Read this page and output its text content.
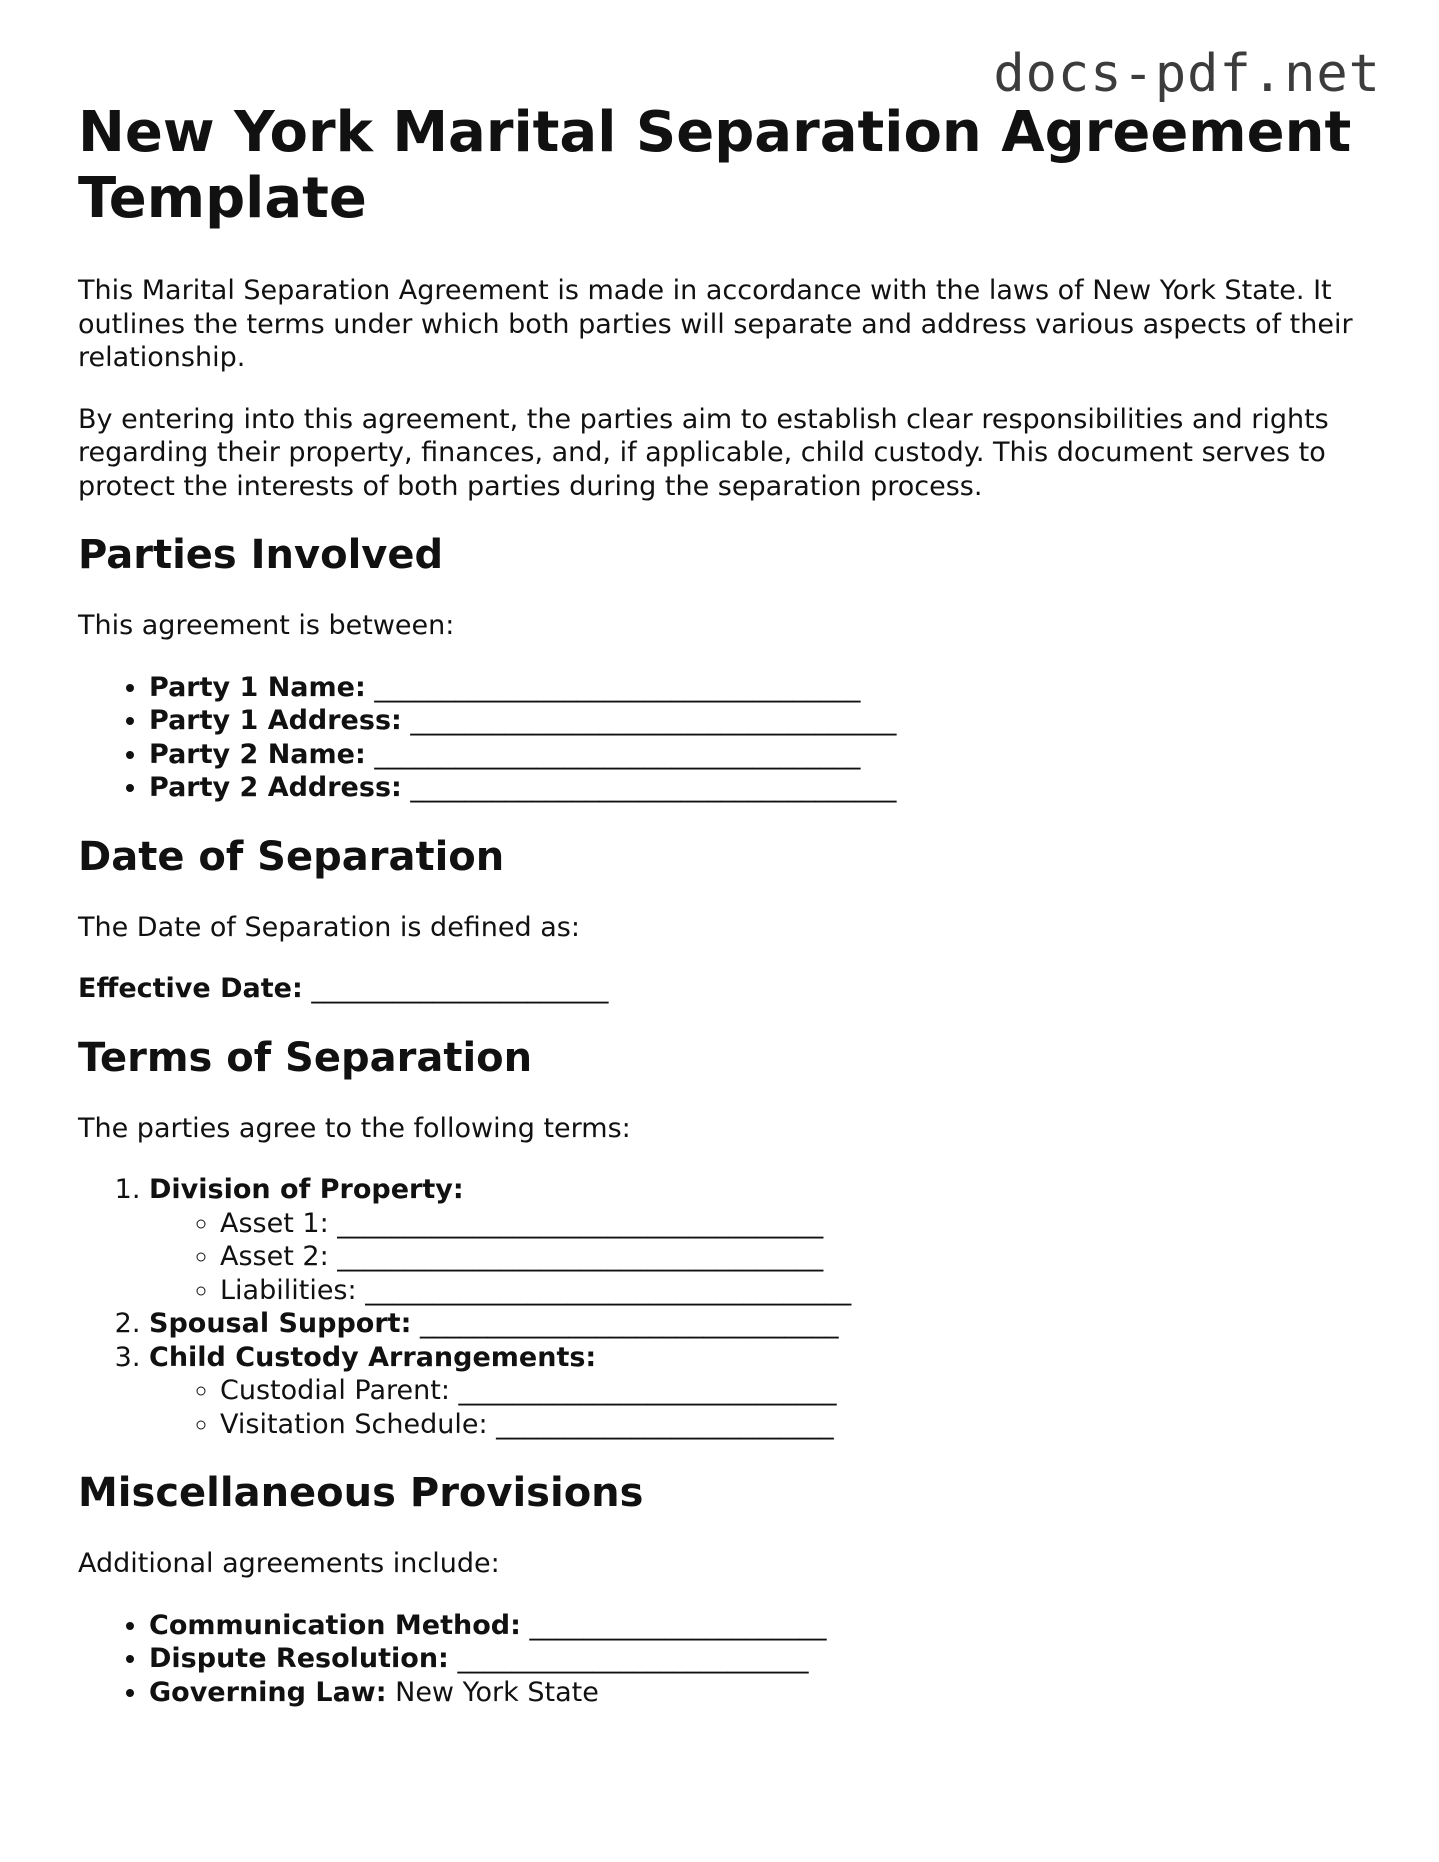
docs-pdf.net
New York Marital Separation Agreement Template

This Marital Separation Agreement is made in accordance with the laws of New York State. It outlines the terms under which both parties will separate and address various aspects of their relationship.

By entering into this agreement, the parties aim to establish clear responsibilities and rights regarding their property, finances, and, if applicable, child custody. This document serves to protect the interests of both parties during the separation process.

Parties Involved

This agreement is between:

• Party 1 Name: ____________________________________
• Party 1 Address: ____________________________________
• Party 2 Name: ____________________________________
• Party 2 Address: ____________________________________
Date of Separation

The Date of Separation is defined as:

Effective Date: ______________________

Terms of Separation

The parties agree to the following terms:

1. Division of Property:
◦ Asset 1: ____________________________________
◦ Asset 2: ____________________________________
◦ Liabilities: ____________________________________
2. Spousal Support: _______________________________
3. Child Custody Arrangements:
◦ Custodial Parent: ____________________________
◦ Visitation Schedule: _________________________
Miscellaneous Provisions

Additional agreements include:

• Communication Method: ______________________
• Dispute Resolution: __________________________
• Governing Law: New York State
